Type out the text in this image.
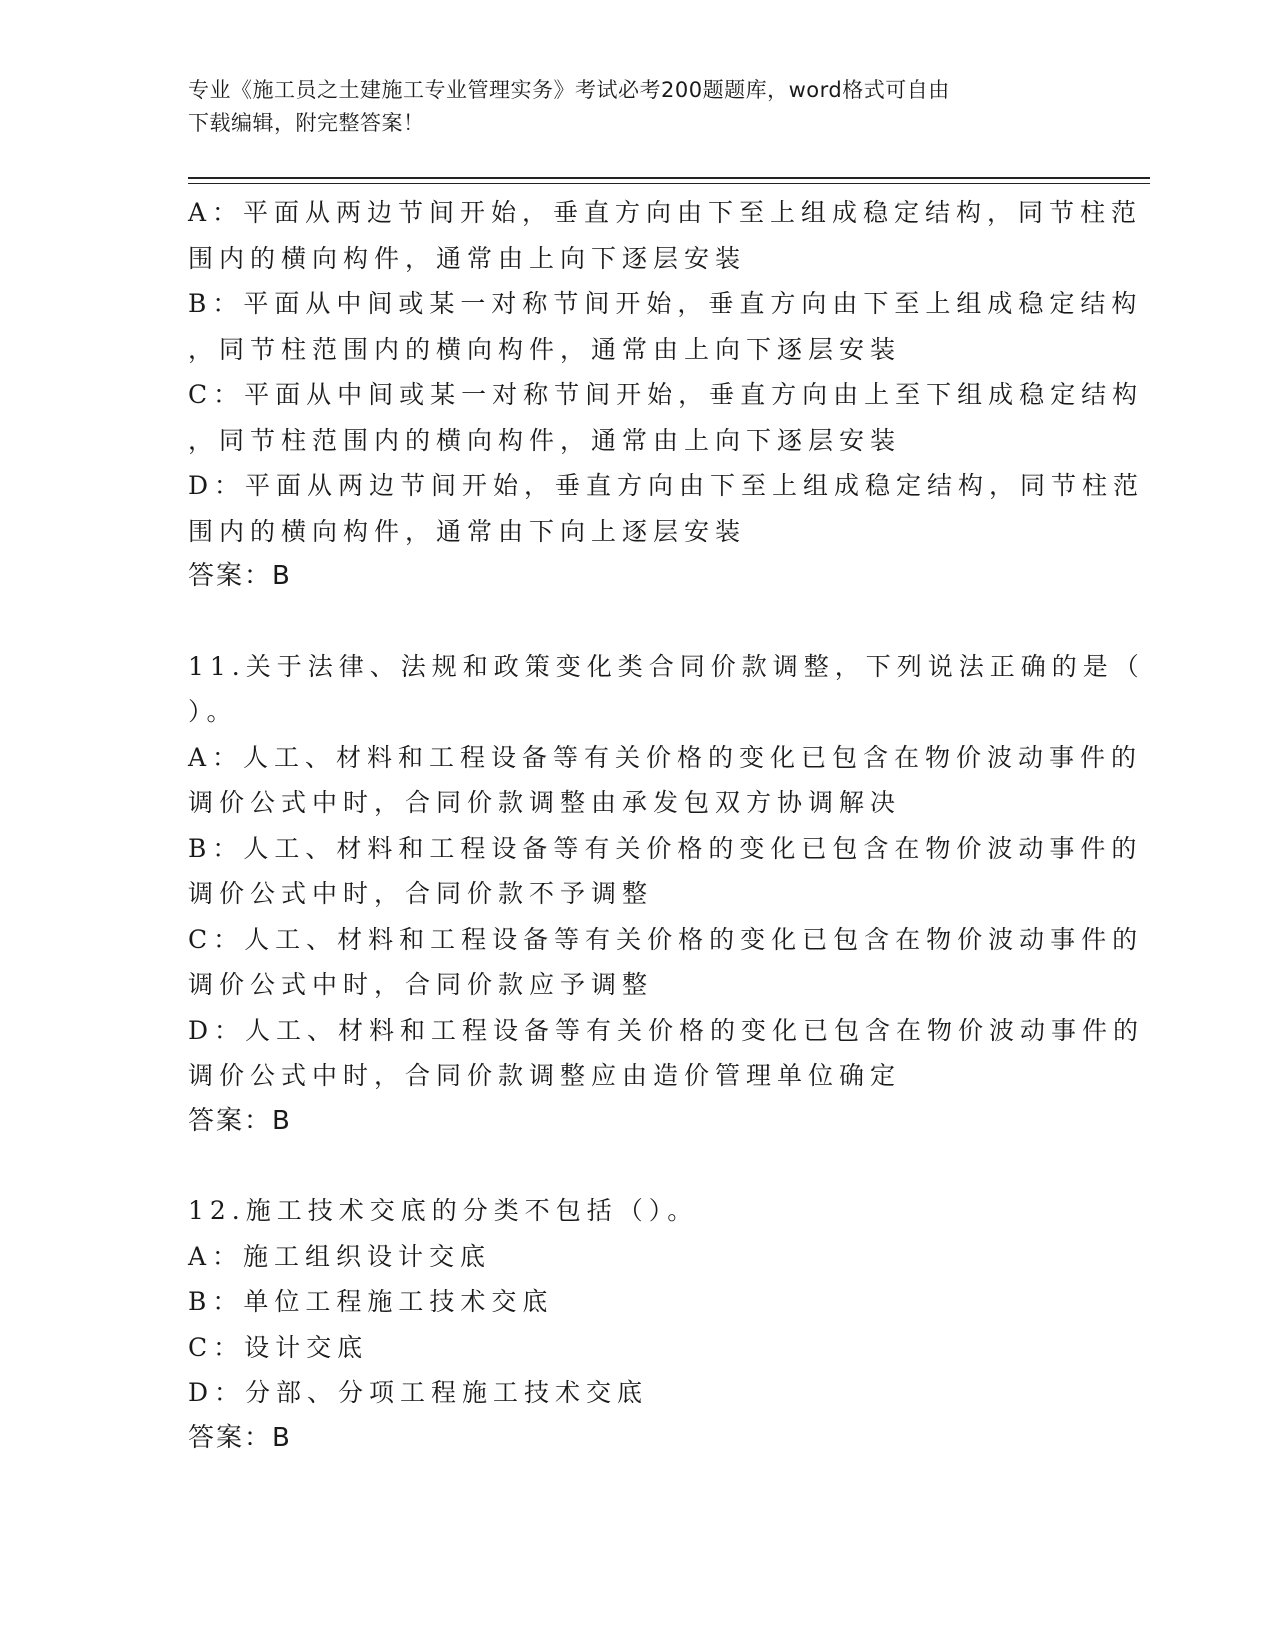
专业《施工员之土建施工专业管理实务》考试必考200题题库，word格式可自由
下载编辑，附完整答案！
A：平面从两边节间开始，垂直方向由下至上组成稳定结构，同节柱范
围内的横向构件，通常由上向下逐层安装
B：平面从中间或某一对称节间开始，垂直方向由下至上组成稳定结构
，同节柱范围内的横向构件，通常由上向下逐层安装
C：平面从中间或某一对称节间开始，垂直方向由上至下组成稳定结构
，同节柱范围内的横向构件，通常由上向下逐层安装
D：平面从两边节间开始，垂直方向由下至上组成稳定结构，同节柱范
围内的横向构件，通常由下向上逐层安装
答案：B
11.关于法律、法规和政策变化类合同价款调整，下列说法正确的是（
）。
A：人工、材料和工程设备等有关价格的变化已包含在物价波动事件的
调价公式中时，合同价款调整由承发包双方协调解决
B：人工、材料和工程设备等有关价格的变化已包含在物价波动事件的
调价公式中时，合同价款不予调整
C：人工、材料和工程设备等有关价格的变化已包含在物价波动事件的
调价公式中时，合同价款应予调整
D：人工、材料和工程设备等有关价格的变化已包含在物价波动事件的
调价公式中时，合同价款调整应由造价管理单位确定
答案：B
12.施工技术交底的分类不包括（）。
A：施工组织设计交底
B：单位工程施工技术交底
C：设计交底
D：分部、分项工程施工技术交底
答案：B
